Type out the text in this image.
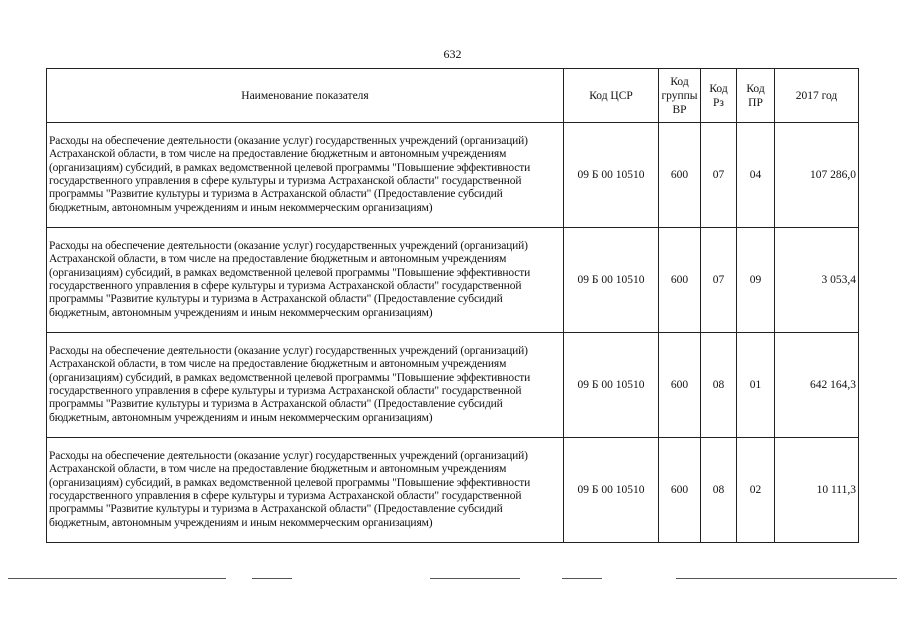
632
Наименование показателя	Код ЦСР	Код группы ВР	Код Рз	Код ПР	2017 год
Расходы на обеспечение деятельности (оказание услуг) государственных учреждений (организаций) Астраханской области, в том числе на предоставление бюджетным и автономным учреждениям (организациям) субсидий, в рамках ведомственной целевой программы "Повышение эффективности государственного управления в сфере культуры и туризма Астраханской области" государственной программы "Развитие культуры и туризма в Астраханской области" (Предоставление субсидий бюджетным, автономным учреждениям и иным некоммерческим организациям)	09 Б 00 10510	600	07	04	107 286,0
Расходы на обеспечение деятельности (оказание услуг) государственных учреждений (организаций) Астраханской области, в том числе на предоставление бюджетным и автономным учреждениям (организациям) субсидий, в рамках ведомственной целевой программы "Повышение эффективности государственного управления в сфере культуры и туризма Астраханской области" государственной программы "Развитие культуры и туризма в Астраханской области" (Предоставление субсидий бюджетным, автономным учреждениям и иным некоммерческим организациям)	09 Б 00 10510	600	07	09	3 053,4
Расходы на обеспечение деятельности (оказание услуг) государственных учреждений (организаций) Астраханской области, в том числе на предоставление бюджетным и автономным учреждениям (организациям) субсидий, в рамках ведомственной целевой программы "Повышение эффективности государственного управления в сфере культуры и туризма Астраханской области" государственной программы "Развитие культуры и туризма в Астраханской области" (Предоставление субсидий бюджетным, автономным учреждениям и иным некоммерческим организациям)	09 Б 00 10510	600	08	01	642 164,3
Расходы на обеспечение деятельности (оказание услуг) государственных учреждений (организаций) Астраханской области, в том числе на предоставление бюджетным и автономным учреждениям (организациям) субсидий, в рамках ведомственной целевой программы "Повышение эффективности государственного управления в сфере культуры и туризма Астраханской области" государственной программы "Развитие культуры и туризма в Астраханской области" (Предоставление субсидий бюджетным, автономным учреждениям и иным некоммерческим организациям)	09 Б 00 10510	600	08	02	10 111,3
